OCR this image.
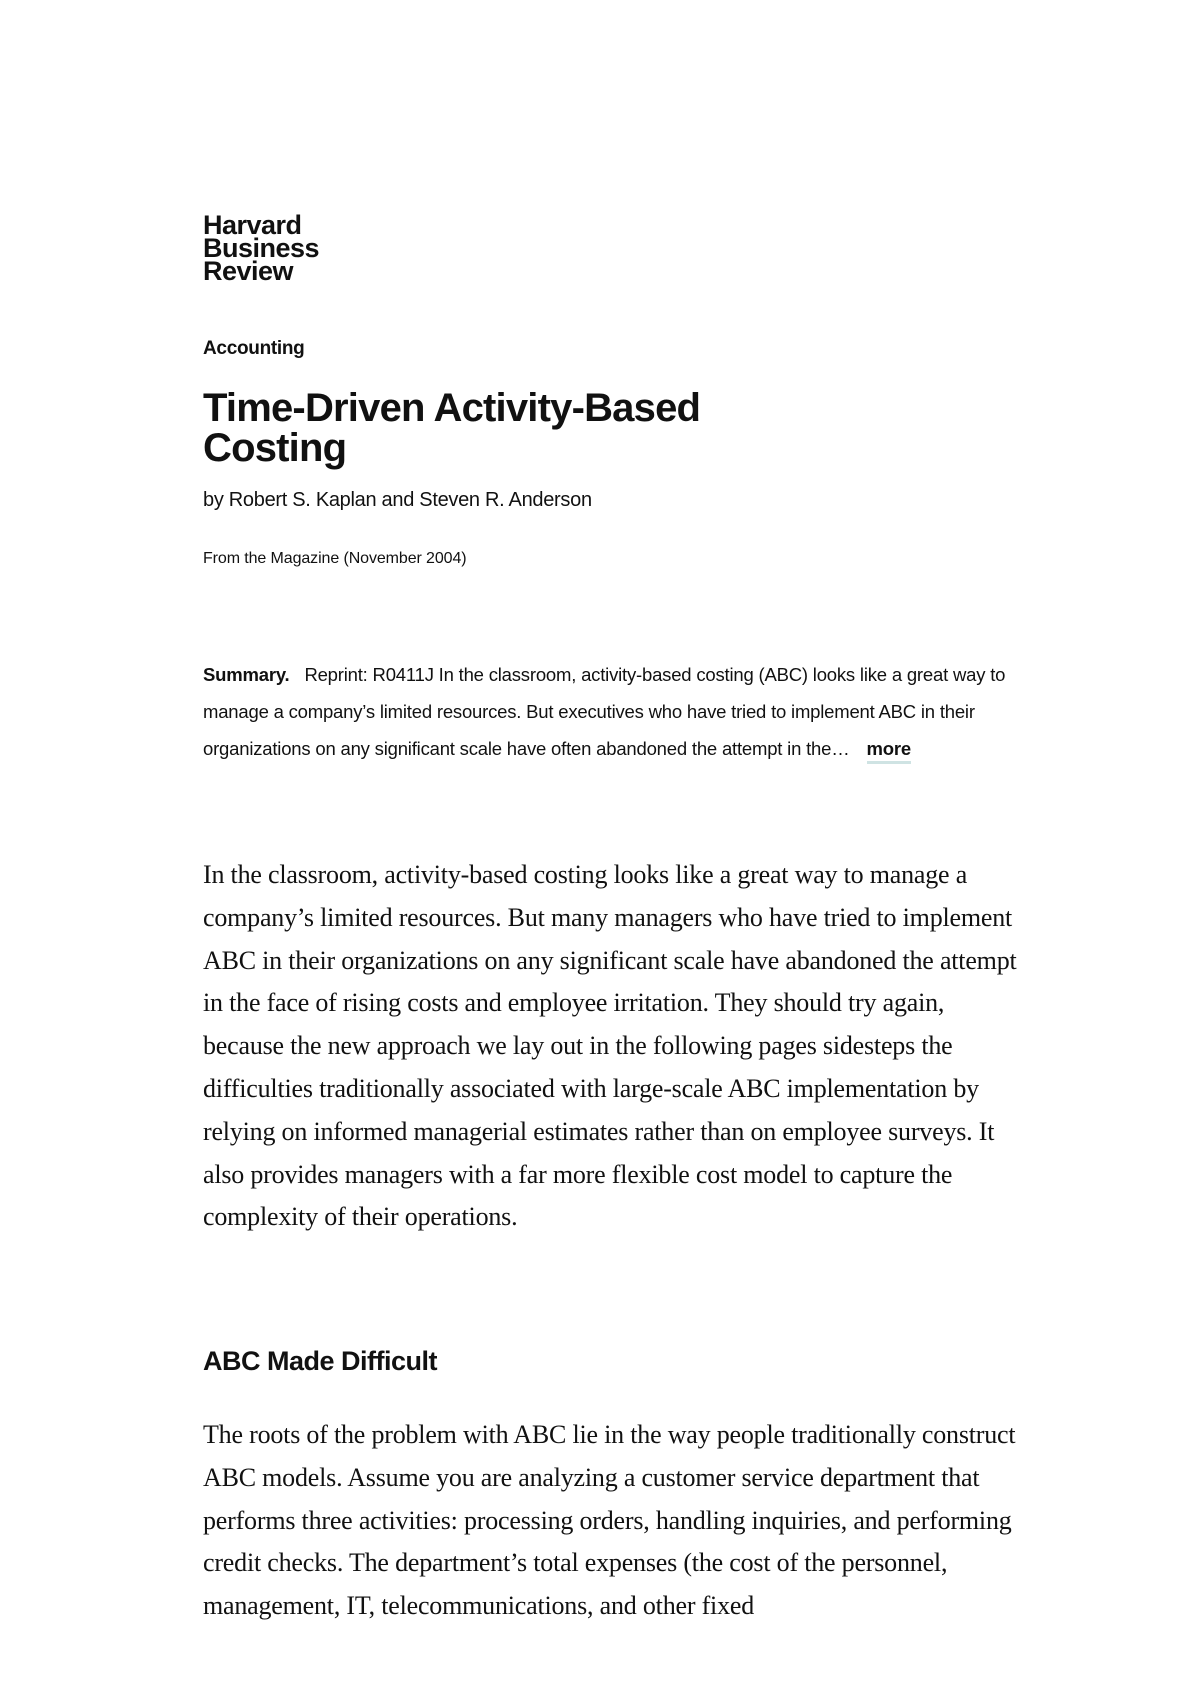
Harvard
Business
Review
Accounting
Time-Driven Activity-Based Costing
by Robert S. Kaplan and Steven R. Anderson
From the Magazine (November 2004)
Summary. Reprint: R0411J In the classroom, activity-based costing (ABC) looks like a great way to manage a company’s limited resources. But executives who have tried to implement ABC in their organizations on any significant scale have often abandoned the attempt in the… more

In the classroom, activity-based costing looks like a great way to manage a company’s limited resources. But many managers who have tried to implement ABC in their organizations on any significant scale have abandoned the attempt in the face of rising costs and employee irritation. They should try again, because the new approach we lay out in the following pages sidesteps the difficulties traditionally associated with large-scale ABC implementation by relying on informed managerial estimates rather than on employee surveys. It also provides managers with a far more flexible cost model to capture the complexity of their operations.

ABC Made Difficult

The roots of the problem with ABC lie in the way people traditionally construct ABC models. Assume you are analyzing a customer service department that performs three activities: processing orders, handling inquiries, and performing credit checks. The department’s total expenses (the cost of the personnel, management, IT, telecommunications, and other fixed
